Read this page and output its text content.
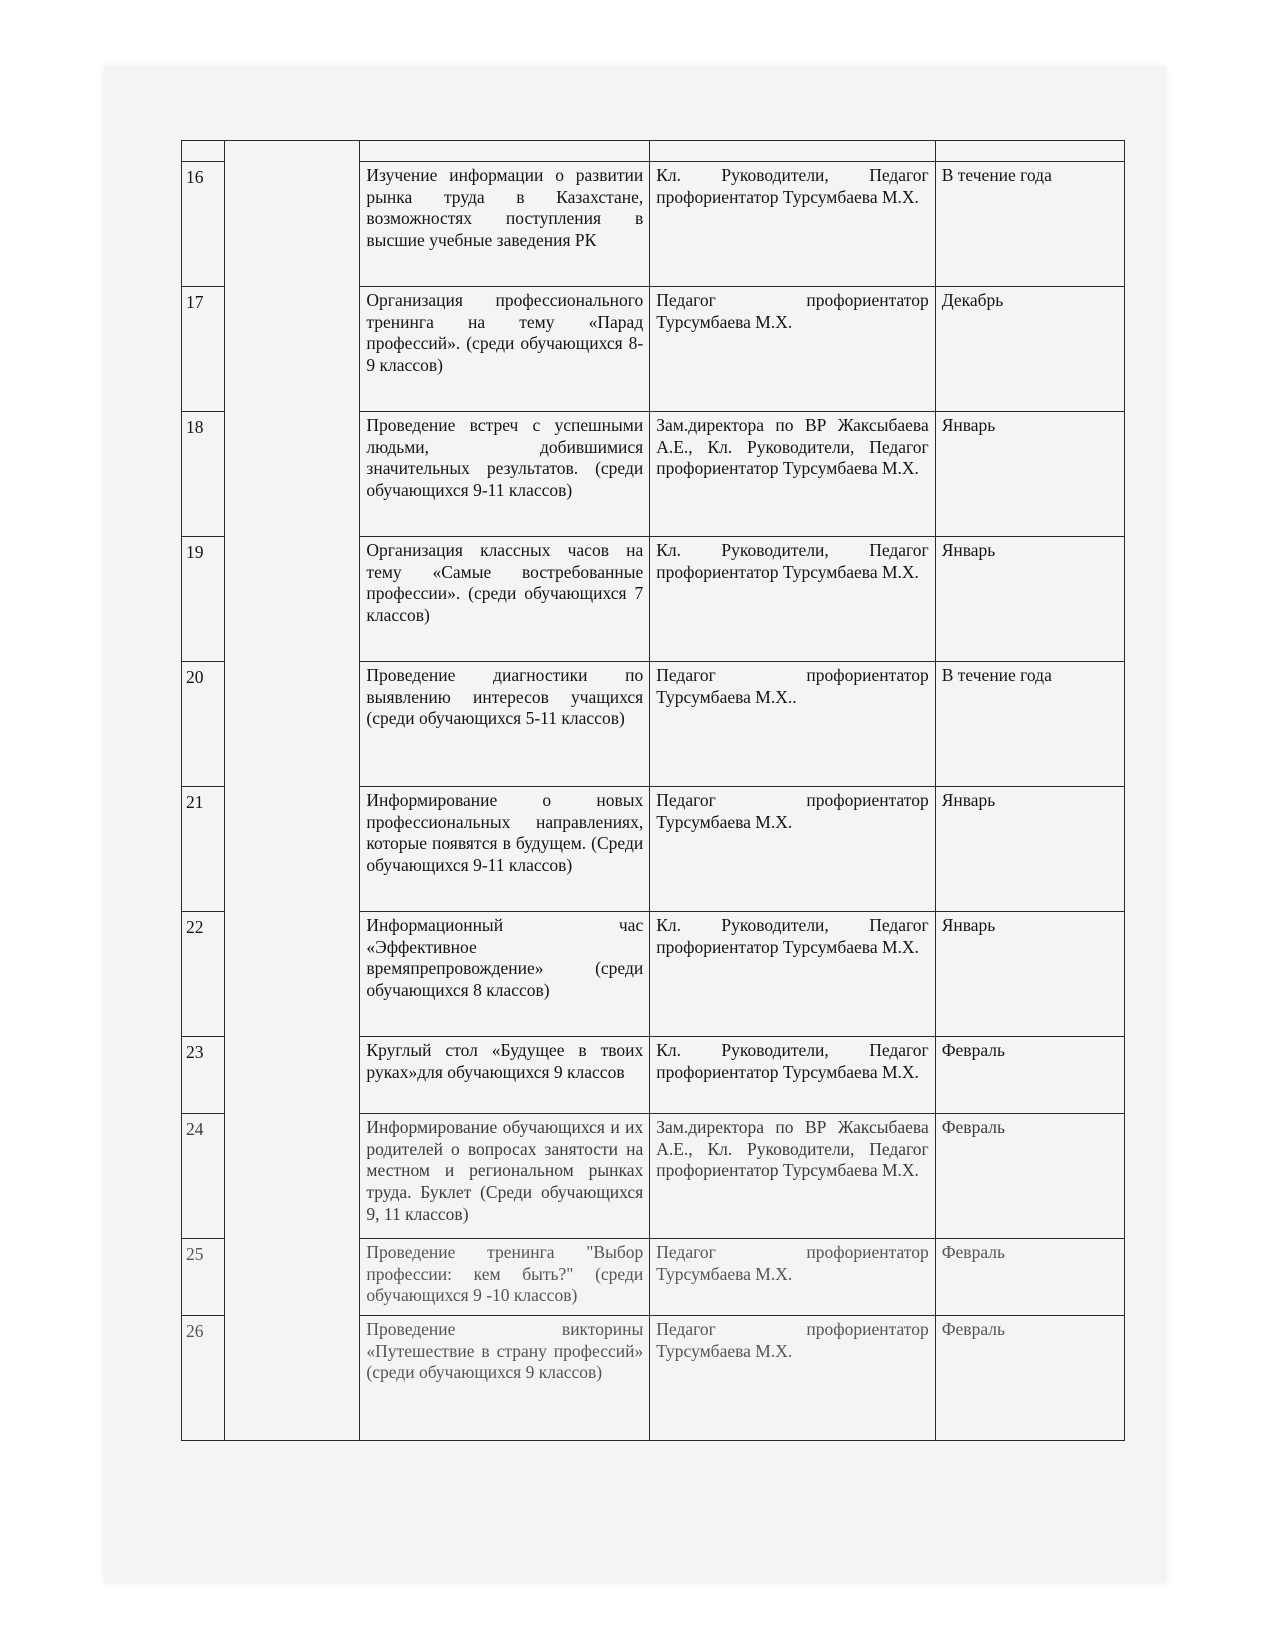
16		Изучение информации о развитии рынка труда в Казахстане, возможностях поступления в высшие учебные заведения РК	Кл. Руководители, Педагог профориентатор Турсумбаева М.Х.	В течение года

17		Организация профессионального тренинга на тему «Парад профессий». (среди обучающихся 8-9 классов)	Педагог профориентатор Турсумбаева М.Х.	Декабрь

18		Проведение встреч с успешными людьми, добившимися значительных результатов. (среди обучающихся 9-11 классов)	Зам.директора по ВР Жаксыбаева А.Е., Кл. Руководители, Педагог профориентатор Турсумбаева М.Х.	Январь

19		Организация классных часов на тему «Самые востребованные профессии». (среди обучающихся 7 классов)	Кл. Руководители, Педагог профориентатор Турсумбаева М.Х.	Январь

20		Проведение диагностики по выявлению интересов учащихся (среди обучающихся 5-11 классов)	Педагог профориентатор Турсумбаева М.Х..	В течение года

21		Информирование о новых профессиональных направлениях, которые появятся в будущем. (Среди обучающихся 9-11 классов)	Педагог профориентатор Турсумбаева М.Х.	Январь

22		Информационный час «Эффективное времяпрепровождение» (среди обучающихся 8 классов)	Кл. Руководители, Педагог профориентатор Турсумбаева М.Х.	Январь

23		Круглый стол «Будущее в твоих руках»для обучающихся 9 классов	Кл. Руководители, Педагог профориентатор Турсумбаева М.Х.	Февраль

24		Информирование обучающихся и их родителей о вопросах занятости на местном и региональном рынках труда. Буклет (Среди обучающихся 9, 11 классов)	Зам.директора по ВР Жаксыбаева А.Е., Кл. Руководители, Педагог профориентатор Турсумбаева М.Х.	Февраль

25		Проведение тренинга "Выбор профессии: кем быть?" (среди обучающихся 9 -10 классов)	Педагог профориентатор Турсумбаева М.Х.	Февраль

26		Проведение викторины «Путешествие в страну профессий» (среди обучающихся 9 классов)	Педагог профориентатор Турсумбаева М.Х.	Февраль
